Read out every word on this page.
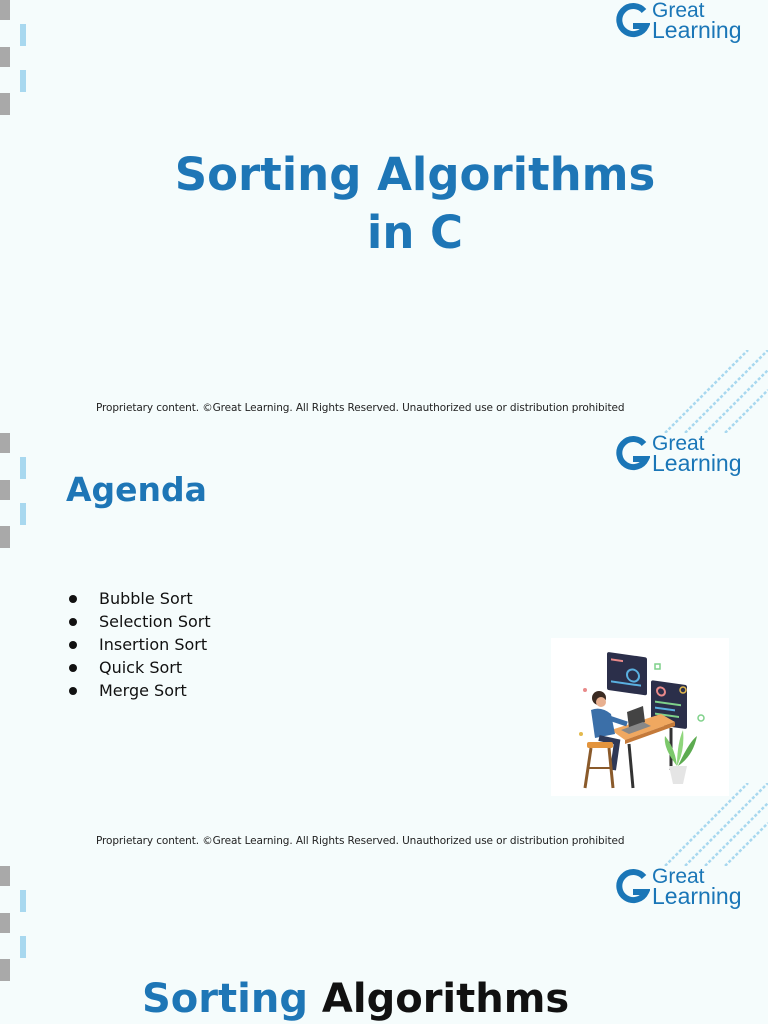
Great
Learning
Sorting Algorithms
in C
Proprietary content. ©Great Learning. All Rights Reserved. Unauthorized use or distribution prohibited
Great
Learning
Agenda
Bubble Sort
Selection Sort
Insertion Sort
Quick Sort
Merge Sort
Proprietary content. ©Great Learning. All Rights Reserved. Unauthorized use or distribution prohibited
Great
Learning
Sorting Algorithms
